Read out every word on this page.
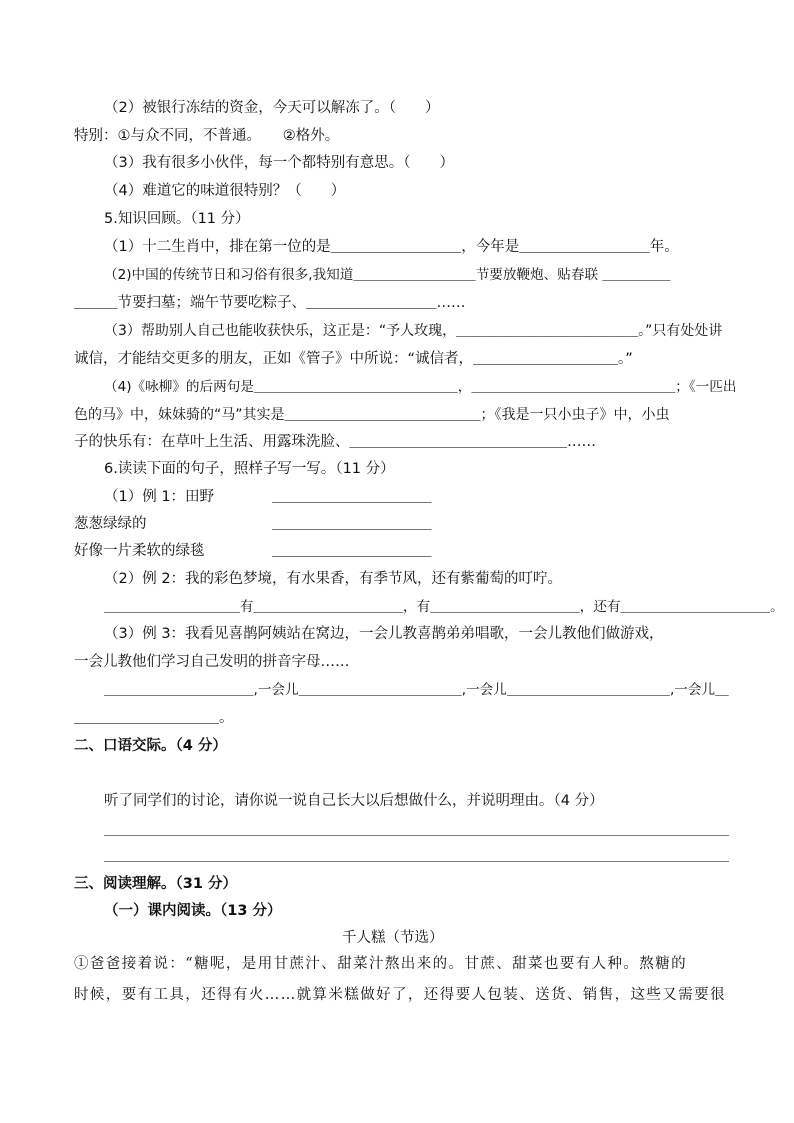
（2）被银行冻结的资金，今天可以解冻了。（　　）
特别：①与众不同，不普通。　　②格外。
（3）我有很多小伙伴，每一个都特别有意思。（　　）
（4）难道它的味道很特别？（　　）
5.知识回顾。（11 分）
（1）十二生肖中，排在第一位的是＿＿＿＿＿＿＿＿＿，今年是＿＿＿＿＿＿＿＿＿年。
（2)中国的传统节日和习俗有很多,我知道＿＿＿＿＿＿＿＿＿节要放鞭炮、贴春联 ＿＿＿＿＿
＿＿＿节要扫墓；端午节要吃粽子、＿＿＿＿＿＿＿＿＿……
（3）帮助别人自己也能收获快乐，这正是：“予人玫瑰，＿＿＿＿＿＿＿＿＿＿＿＿＿。”只有处处讲
诚信，才能结交更多的朋友，正如《管子》中所说：“诚信者，＿＿＿＿＿＿＿＿＿＿。”
（4)《咏柳》的后两句是＿＿＿＿＿＿＿＿＿＿＿＿＿＿＿，＿＿＿＿＿＿＿＿＿＿＿＿＿＿＿；《一匹出
色的马》中，妹妹骑的“马”其实是＿＿＿＿＿＿＿＿＿＿＿＿＿＿；《我是一只小虫子》中，小虫
子的快乐有：在草叶上生活、用露珠洗脸、＿＿＿＿＿＿＿＿＿＿＿＿＿＿＿……
6.读读下面的句子，照样子写一写。（11 分）
（1）例 1：田野	＿＿＿＿＿＿＿＿＿＿＿
葱葱绿绿的	＿＿＿＿＿＿＿＿＿＿＿
好像一片柔软的绿毯	＿＿＿＿＿＿＿＿＿＿＿
（2）例 2：我的彩色梦境，有水果香，有季节风，还有紫葡萄的叮咛。
＿＿＿＿＿＿＿＿＿＿有＿＿＿＿＿＿＿＿＿＿＿，有＿＿＿＿＿＿＿＿＿＿＿，还有＿＿＿＿＿＿＿＿＿＿＿。
（3）例 3：我看见喜鹊阿姨站在窝边，一会儿教喜鹊弟弟唱歌，一会儿教他们做游戏，
一会儿教他们学习自己发明的拼音字母……
＿＿＿＿＿＿＿＿＿＿＿,一会儿＿＿＿＿＿＿＿＿＿＿＿＿,一会儿＿＿＿＿＿＿＿＿＿＿＿＿,一会儿＿
＿＿＿＿＿＿＿＿＿＿。
二、口语交际。（4 分）
听了同学们的讨论，请你说一说自己长大以后想做什么，并说明理由。（4 分）
＿＿＿＿＿＿＿＿＿＿＿＿＿＿＿＿＿＿＿＿＿＿＿＿＿＿＿＿＿＿＿＿＿＿＿＿＿＿＿＿＿＿＿＿＿＿＿
＿＿＿＿＿＿＿＿＿＿＿＿＿＿＿＿＿＿＿＿＿＿＿＿＿＿＿＿＿＿＿＿＿＿＿＿＿＿＿＿＿＿＿＿＿＿＿
三、阅读理解。（31 分）
（一）课内阅读。（13 分）
千人糕（节选）
①爸爸接着说：“糖呢，是用甘蔗汁、甜菜汁熬出来的。甘蔗、甜菜也要有人种。熬糖的
时候，要有工具，还得有火……就算米糕做好了，还得要人包装、送货、销售，这些又需要很
